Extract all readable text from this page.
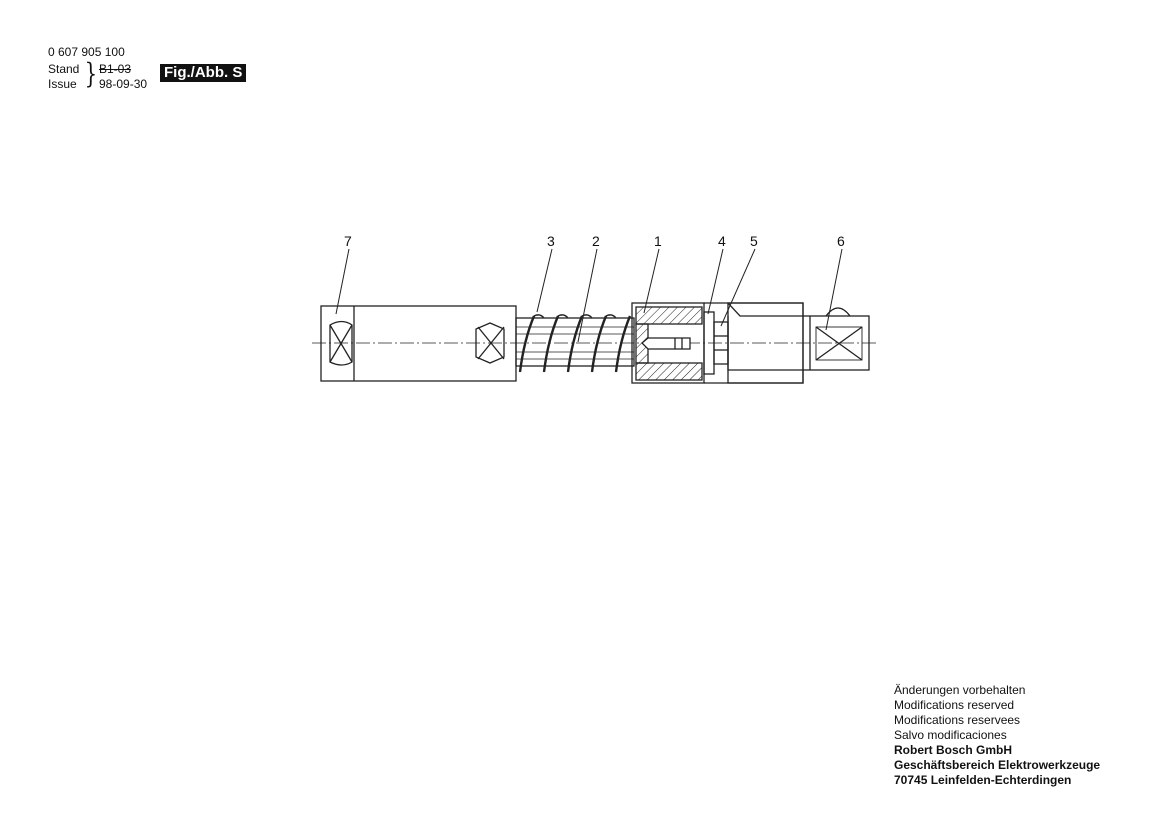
0 607 905 100
Stand
Issue } B1-03
98-09-30
Fig./Abb. S
7	3	2	1	4 5	6
Änderungen vorbehalten
Modifications reserved
Modifications reservees
Salvo modificaciones
Robert Bosch GmbH
Geschäftsbereich Elektrowerkzeuge
70745 Leinfelden-Echterdingen
